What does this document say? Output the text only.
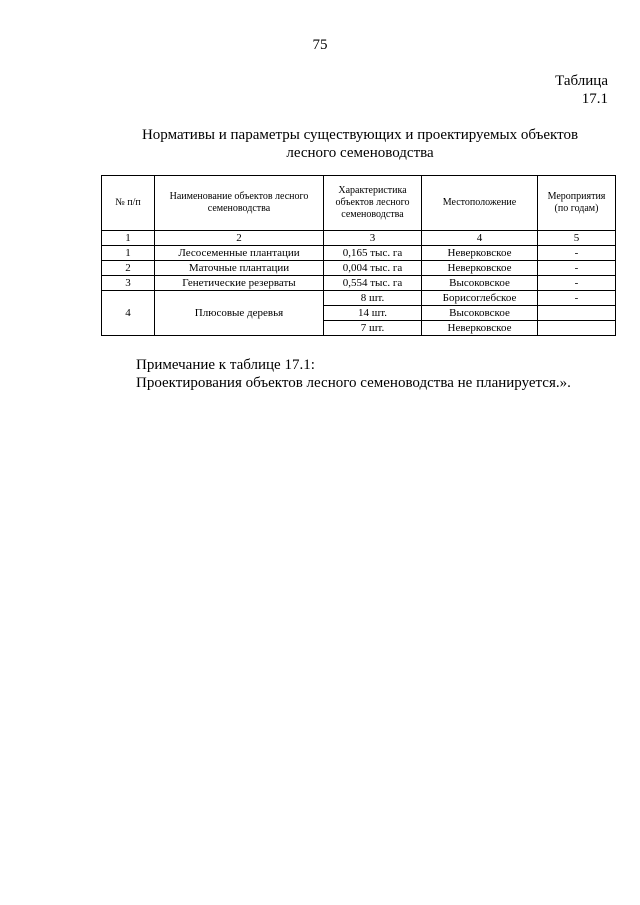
75
Таблица
17.1
Нормативы и параметры существующих и проектируемых объектов
лесного семеноводства
№ п/п	Наименование объектов лесного семеноводства	Характеристика объектов лесного семеноводства	Местоположение	Мероприятия (по годам)
1	2	3	4	5
1	Лесосеменные плантации	0,165 тыс. га	Неверковское	-
2	Маточные плантации	0,004 тыс. га	Неверковское	-
3	Генетические резерваты	0,554 тыс. га	Высоковское	-
4	Плюсовые деревья	8 шт.	Борисоглебское	-
		14 шт.	Высоковское	
		7 шт.	Неверковское	
Примечание к таблице 17.1:
Проектирования объектов лесного семеноводства не планируется.».
